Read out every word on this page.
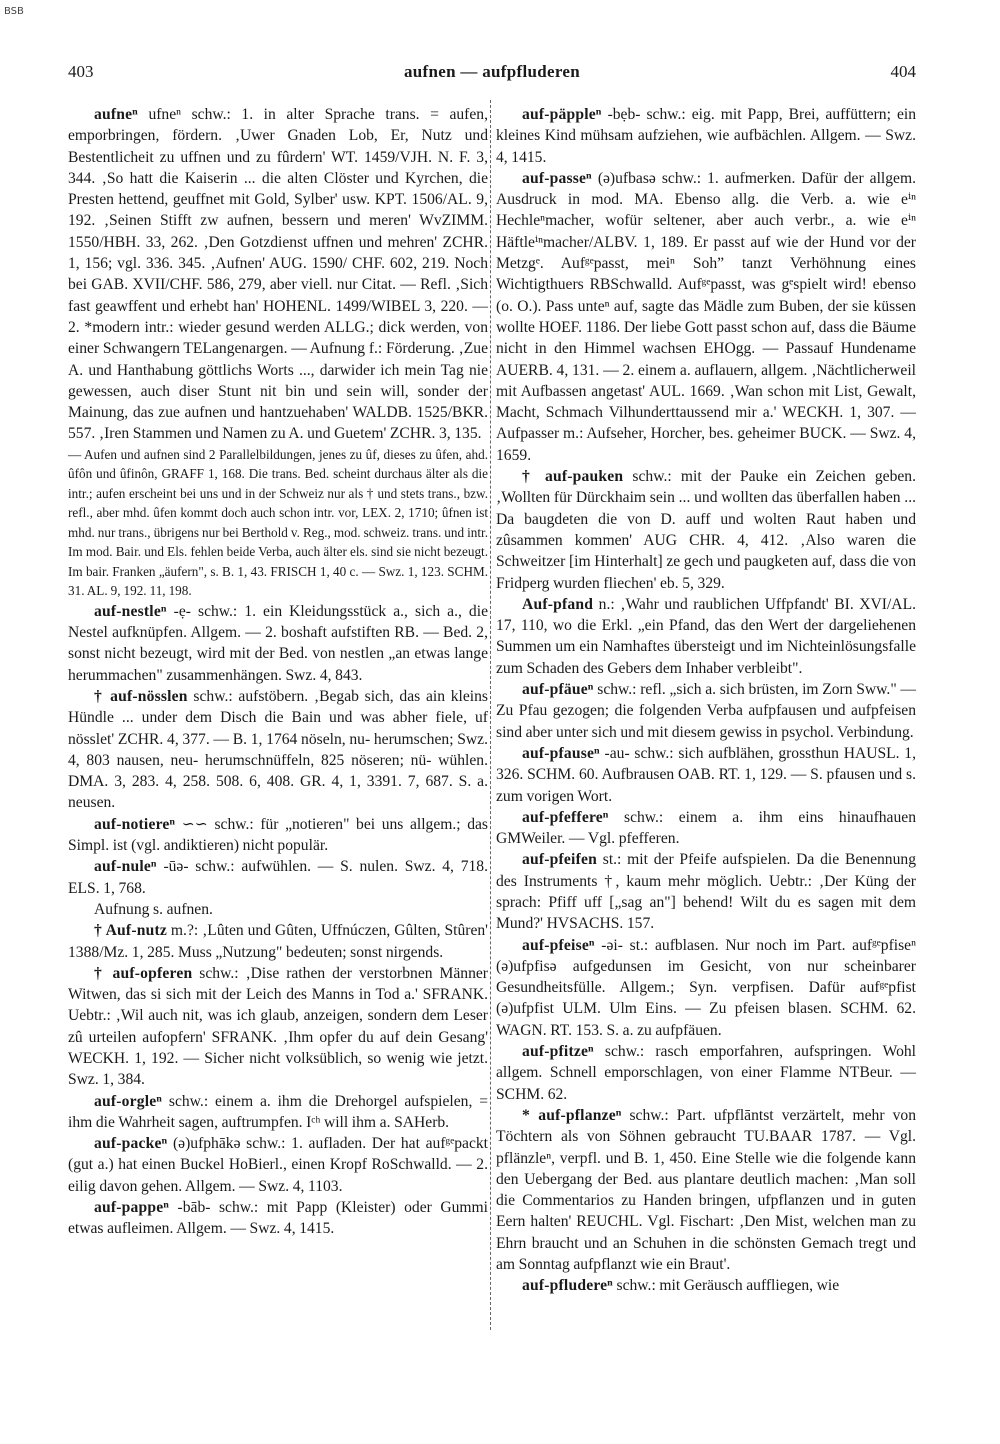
BSB
403	aufnen — aufpfluderen	404

aufneⁿ ufneⁿ schw.: 1. in alter Sprache trans. = aufen, emporbringen, fördern. ‚Uwer Gnaden Lob, Er, Nutz und Bestentlicheit zu uffnen und zu fûrdern' WT. 1459/VJH. N. F. 3, 344. ‚So hatt die Kaiserin ... die alten Clöster und Kyrchen, die Presten hettend, geuffnet mit Gold, Sylber' usw. KPT. 1506/AL. 9, 192. ‚Seinen Stifft zw aufnen, bessern und meren' WvZIMM. 1550/HBH. 33, 262. ‚Den Gotzdienst uffnen und mehren' ZCHR. 1, 156; vgl. 336. 345. ‚Aufnen' AUG. 1590/ CHF. 602, 219. Noch bei GAB. XVII/CHF. 586, 279, aber viell. nur Citat. — Refl. ‚Sich fast geawffent und erhebt han' HOHENL. 1499/WIBEL 3, 220. — 2. *modern intr.: wieder gesund werden ALLG.; dick werden, von einer Schwangern TELangenargen. — Aufnung f.: Förderung. ‚Zue A. und Hanthabung göttlichs Worts ..., darwider ich mein Tag nie gewessen, auch diser Stunt nit bin und sein will, sonder der Mainung, das zue aufnen und hantzuehaben' WALDB. 1525/BKR. 557. ‚Iren Stammen und Namen zu A. und Guetem' ZCHR. 3, 135.

— Aufen und aufnen sind 2 Parallelbildungen, jenes zu ûf, dieses zu ûfen, ahd. ûfôn und ûfinôn, GRAFF 1, 168. Die trans. Bed. scheint durchaus älter als die intr.; aufen erscheint bei uns und in der Schweiz nur als † und stets trans., bzw. refl., aber mhd. ûfen kommt doch auch schon intr. vor, LEX. 2, 1710; ûfnen ist mhd. nur trans., übrigens nur bei Berthold v. Reg., mod. schweiz. trans. und intr. Im mod. Bair. und Els. fehlen beide Verba, auch älter els. sind sie nicht bezeugt. Im bair. Franken „äufern", s. B. 1, 43. FRISCH 1, 40 c. — Swz. 1, 123. SCHM. 31. AL. 9, 192. 11, 198.

auf-nestleⁿ -ẹ- schw.: 1. ein Kleidungsstück a., sich a., die Nestel aufknüpfen. Allgem. — 2. boshaft aufstiften RB. — Bed. 2, sonst nicht bezeugt, wird mit der Bed. von nestlen „an etwas lange herummachen" zusammenhängen. Swz. 4, 843.

† auf-nösslen schw.: aufstöbern. ‚Begab sich, das ain kleins Hündle ... under dem Disch die Bain und was abher fiele, uf nösslet' ZCHR. 4, 377. — B. 1, 1764 nöseln, nu- herumschen; Swz. 4, 803 nausen, neu- herumschnüffeln, 825 nöseren; nü- wühlen. DMA. 3, 283. 4, 258. 508. 6, 408. GR. 4, 1, 3391. 7, 687. S. a. neusen.

auf-notiereⁿ ∽∽ schw.: für „notieren" bei uns allgem.; das Simpl. ist (vgl. andiktieren) nicht populär.

auf-nuleⁿ -ūə- schw.: aufwühlen. — S. nulen. Swz. 4, 718. ELS. 1, 768.

Aufnung s. aufnen.

† Auf-nutz m.?: ‚Lûten und Gûten, Uffnúczen, Gûlten, Stûren' 1388/Mz. 1, 285. Muss „Nutzung" bedeuten; sonst nirgends.

† auf-opferen schw.: ‚Dise rathen der verstorbnen Männer Witwen, das si sich mit der Leich des Manns in Tod a.' SFRANK. Uebtr.: ‚Wil auch nit, was ich glaub, anzeigen, sondern dem Leser zû urteilen aufopfern' SFRANK. ‚Ihm opfer du auf dein Gesang' WECKH. 1, 192. — Sicher nicht volksüblich, so wenig wie jetzt. Swz. 1, 384.

auf-orgleⁿ schw.: einem a. ihm die Drehorgel aufspielen, = ihm die Wahrheit sagen, auftrumpfen. Iᶜʰ will ihm a. SAHerb.

auf-packeⁿ (ə)ufphākə schw.: 1. aufladen. Der hat aufᵍᵉpackt (gut a.) hat einen Buckel HoBierl., einen Kropf RoSchwalld. — 2. eilig davon gehen. Allgem. — Swz. 4, 1103.

auf-pappeⁿ -bāb- schw.: mit Papp (Kleister) oder Gummi etwas aufleimen. Allgem. — Swz. 4, 1415.

auf-päppleⁿ -bẹb- schw.: eig. mit Papp, Brei, auffüttern; ein kleines Kind mühsam aufziehen, wie aufbächlen. Allgem. — Swz. 4, 1415.

auf-passeⁿ (ə)ufbasə schw.: 1. aufmerken. Dafür der allgem. Ausdruck in mod. MA. Ebenso allg. die Verb. a. wie eⁱⁿ Hechleⁿmacher, wofür seltener, aber auch verbr., a. wie eⁱⁿ Häftleⁱⁿmacher/ALBV. 1, 189. Er passt auf wie der Hund vor der Metzgᵉ. Aufᵍᵉpasst, meiⁿ Soh” tanzt Verhöhnung eines Wichtigthuers RBSchwalld. Aufᵍᵉpasst, was gᵉspielt wird! ebenso (o. O.). Pass unteⁿ auf, sagte das Mädle zum Buben, der sie küssen wollte HOEF. 1186. Der liebe Gott passt schon auf, dass die Bäume nicht in den Himmel wachsen EHOgg. — Passauf Hundename AUERB. 4, 131. — 2. einem a. auflauern, allgem. ‚Nächtlicherweil mit Aufbassen angetast' AUL. 1669. ‚Wan schon mit List, Gewalt, Macht, Schmach Vilhunderttaussend mir a.' WECKH. 1, 307. — Aufpasser m.: Aufseher, Horcher, bes. geheimer BUCK. — Swz. 4, 1659.

† auf-pauken schw.: mit der Pauke ein Zeichen geben. ‚Wollten für Dürckhaim sein ... und wollten das überfallen haben ... Da baugdeten die von D. auff und wolten Raut haben und zûsammen kommen' AUG CHR. 4, 412. ‚Also waren die Schweitzer [im Hinterhalt] ze gech und paugketen auf, dass die von Fridperg wurden fliechen' eb. 5, 329.

Auf-pfand n.: ‚Wahr und raublichen Uffpfandt' BI. XVI/AL. 17, 110, wo die Erkl. „ein Pfand, das den Wert der dargeliehenen Summen um ein Namhaftes übersteigt und im Nichteinlösungsfalle zum Schaden des Gebers dem Inhaber verbleibt".

auf-pfäueⁿ schw.: refl. „sich a. sich brüsten, im Zorn Sww." — Zu Pfau gezogen; die folgenden Verba aufpfausen und aufpfeisen sind aber unter sich und mit diesem gewiss in psychol. Verbindung.

auf-pfauseⁿ -au- schw.: sich aufblähen, grossthun HAUSL. 1, 326. SCHM. 60. Aufbrausen OAB. RT. 1, 129. — S. pfausen und s. zum vorigen Wort.

auf-pfeffereⁿ schw.: einem a. ihm eins hinaufhauen GMWeiler. — Vgl. pfefferen.

auf-pfeifen st.: mit der Pfeife aufspielen. Da die Benennung des Instruments †, kaum mehr möglich. Uebtr.: ‚Der Küng der sprach: Pfiff uff [„sag an"] behend! Wilt du es sagen mit dem Mund?' HVSACHS. 157.

auf-pfeiseⁿ -əi- st.: aufblasen. Nur noch im Part. aufᵍᵉpfiseⁿ (ə)ufpfisə aufgedunsen im Gesicht, von nur scheinbarer Gesundheitsfülle. Allgem.; Syn. verpfisen. Dafür aufᵍᵉpfist (ə)ufpfist ULM. Ulm Eins. — Zu pfeisen blasen. SCHM. 62. WAGN. RT. 153. S. a. zu aufpfäuen.

auf-pfitzeⁿ schw.: rasch emporfahren, aufspringen. Wohl allgem. Schnell emporschlagen, von einer Flamme NTBeur. — SCHM. 62.

* auf-pflanzeⁿ schw.: Part. ufpflāntst verzärtelt, mehr von Töchtern als von Söhnen gebraucht TU.BAAR 1787. — Vgl. pflänzleⁿ, verpfl. und B. 1, 450. Eine Stelle wie die folgende kann den Uebergang der Bed. aus plantare deutlich machen: ‚Man soll die Commentarios zu Handen bringen, ufpflanzen und in guten Eern halten' REUCHL. Vgl. Fischart: ‚Den Mist, welchen man zu Ehrn braucht und an Schuhen in die schönsten Gemach tregt und am Sonntag aufpflanzt wie ein Braut'.

auf-pfludereⁿ schw.: mit Geräusch auffliegen, wie
